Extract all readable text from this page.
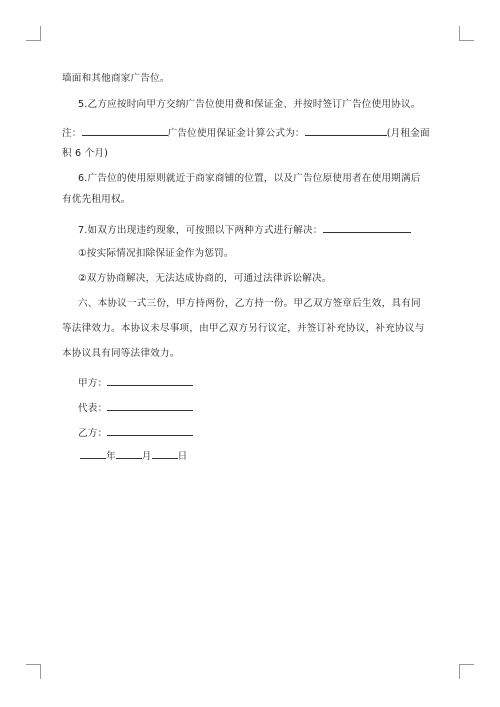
墙面和其他商家广告位。
5.乙方应按时向甲方交纳广告位使用费和保证金、并按时签订广告位使用协议。
注：	广告位使用保证金计算公式为：	(月租金面
积 6 个月)
6.广告位的使用原则就近于商家商铺的位置，以及广告位原使用者在使用期满后
有优先租用权。
7.如双方出现违约现象，可按照以下两种方式进行解决：
①按实际情况扣除保证金作为惩罚。
②双方协商解决，无法达成协商的，可通过法律诉讼解决。
六、本协议一式三份，甲方持两份，乙方持一份。甲乙双方签章后生效，具有同
等法律效力。本协议未尽事项，由甲乙双方另行议定，并签订补充协议，补充协议与
本协议具有同等法律效力。
甲方：
代表：
乙方：
年	月	日
